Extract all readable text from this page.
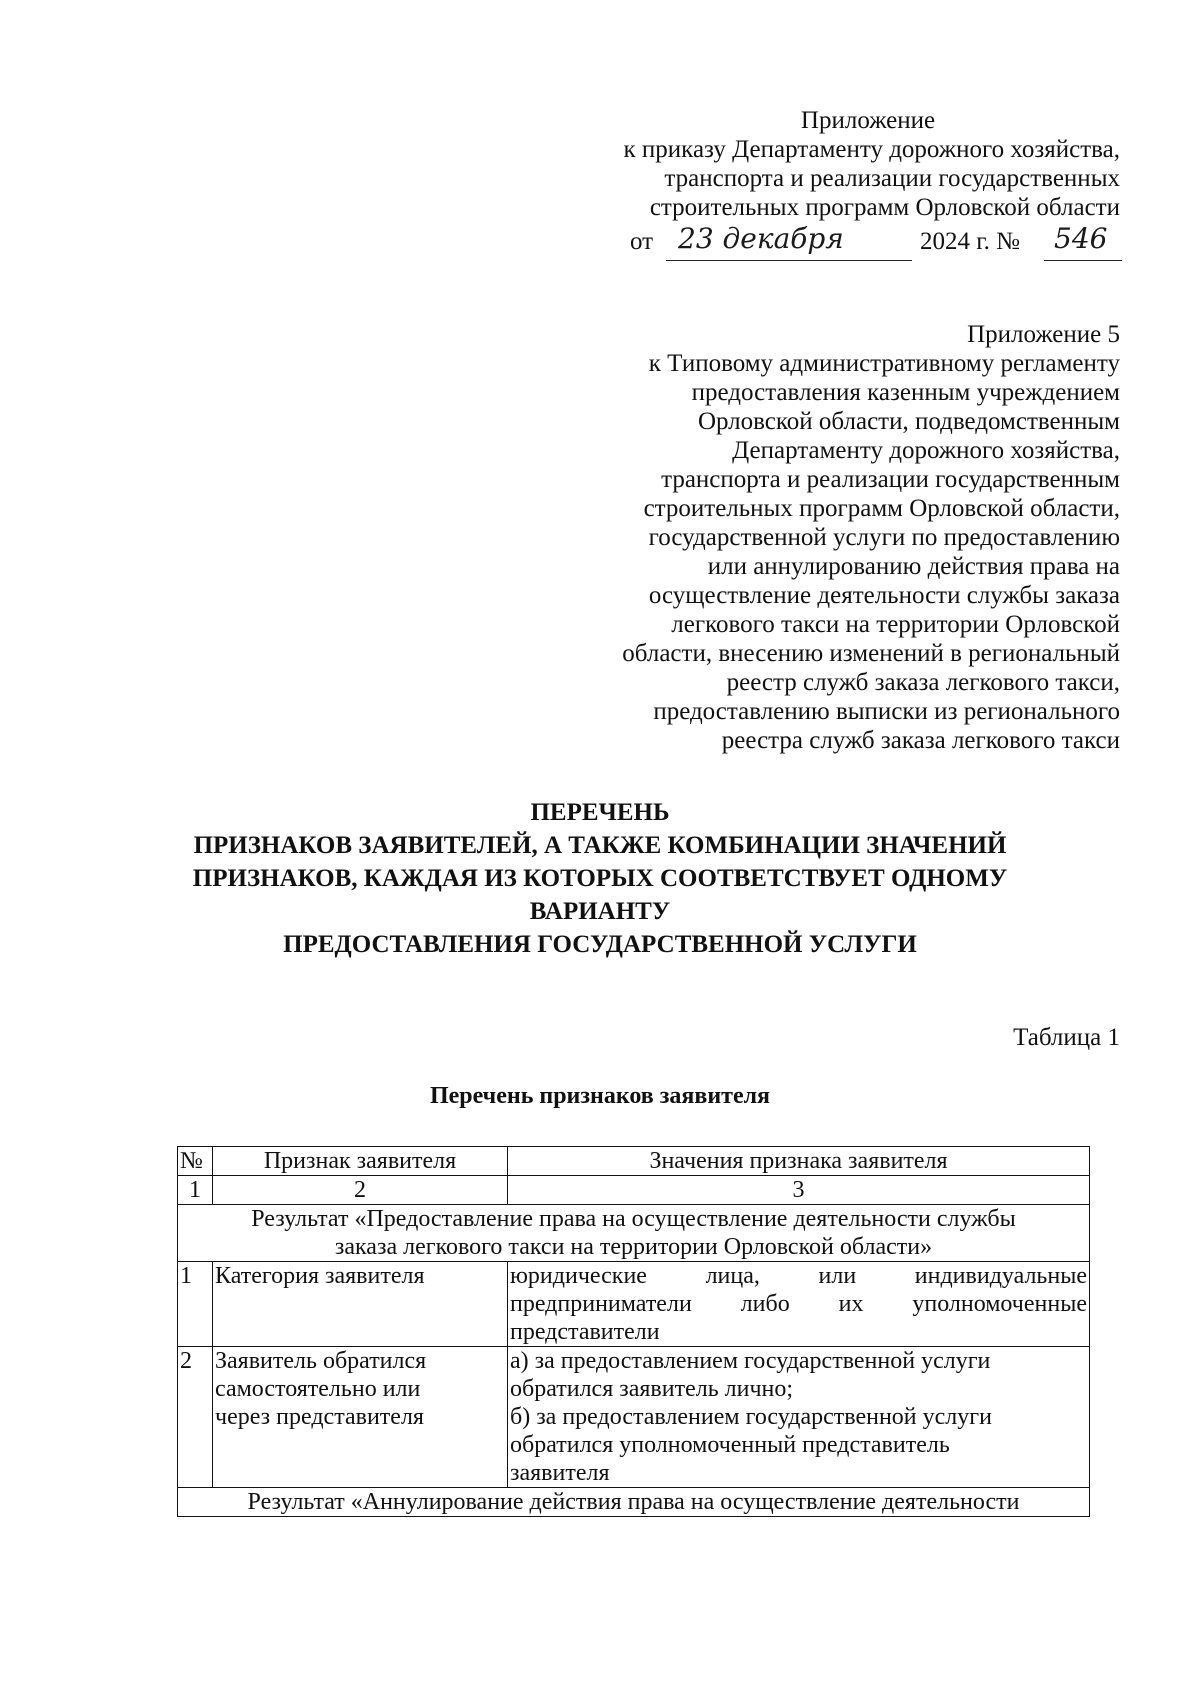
Приложение
к приказу Департаменту дорожного хозяйства,
транспорта и реализации государственных
строительных программ Орловской области
от 23 декабря	2024 г. № 546
Приложение 5
к Типовому административному регламенту
предоставления казенным учреждением
Орловской области, подведомственным
Департаменту дорожного хозяйства,
транспорта и реализации государственным
строительных программ Орловской области,
государственной услуги по предоставлению
или аннулированию действия права на
осуществление деятельности службы заказа
легкового такси на территории Орловской
области, внесению изменений в региональный
реестр служб заказа легкового такси,
предоставлению выписки из регионального
реестра служб заказа легкового такси
ПЕРЕЧЕНЬ
ПРИЗНАКОВ ЗАЯВИТЕЛЕЙ, А ТАКЖЕ КОМБИНАЦИИ ЗНАЧЕНИЙ
ПРИЗНАКОВ, КАЖДАЯ ИЗ КОТОРЫХ СООТВЕТСТВУЕТ ОДНОМУ
ВАРИАНТУ
ПРЕДОСТАВЛЕНИЯ ГОСУДАРСТВЕННОЙ УСЛУГИ
Таблица 1
Перечень признаков заявителя
№	Признак заявителя	Значения признака заявителя
1	2	3

Результат «Предоставление права на осуществление деятельности службы
заказа легкового такси на территории Орловской области»		

1	Категория заявителя	юридические лица, или индивидуальные
предприниматели либо их уполномоченные
представители

2	Заявитель обратился
самостоятельно или
через представителя	а) за предоставлением государственной услуги
обратился заявитель лично;
б) за предоставлением государственной услуги
обратился уполномоченный представитель
заявителя

Результат «Аннулирование действия права на осуществление деятельности		
